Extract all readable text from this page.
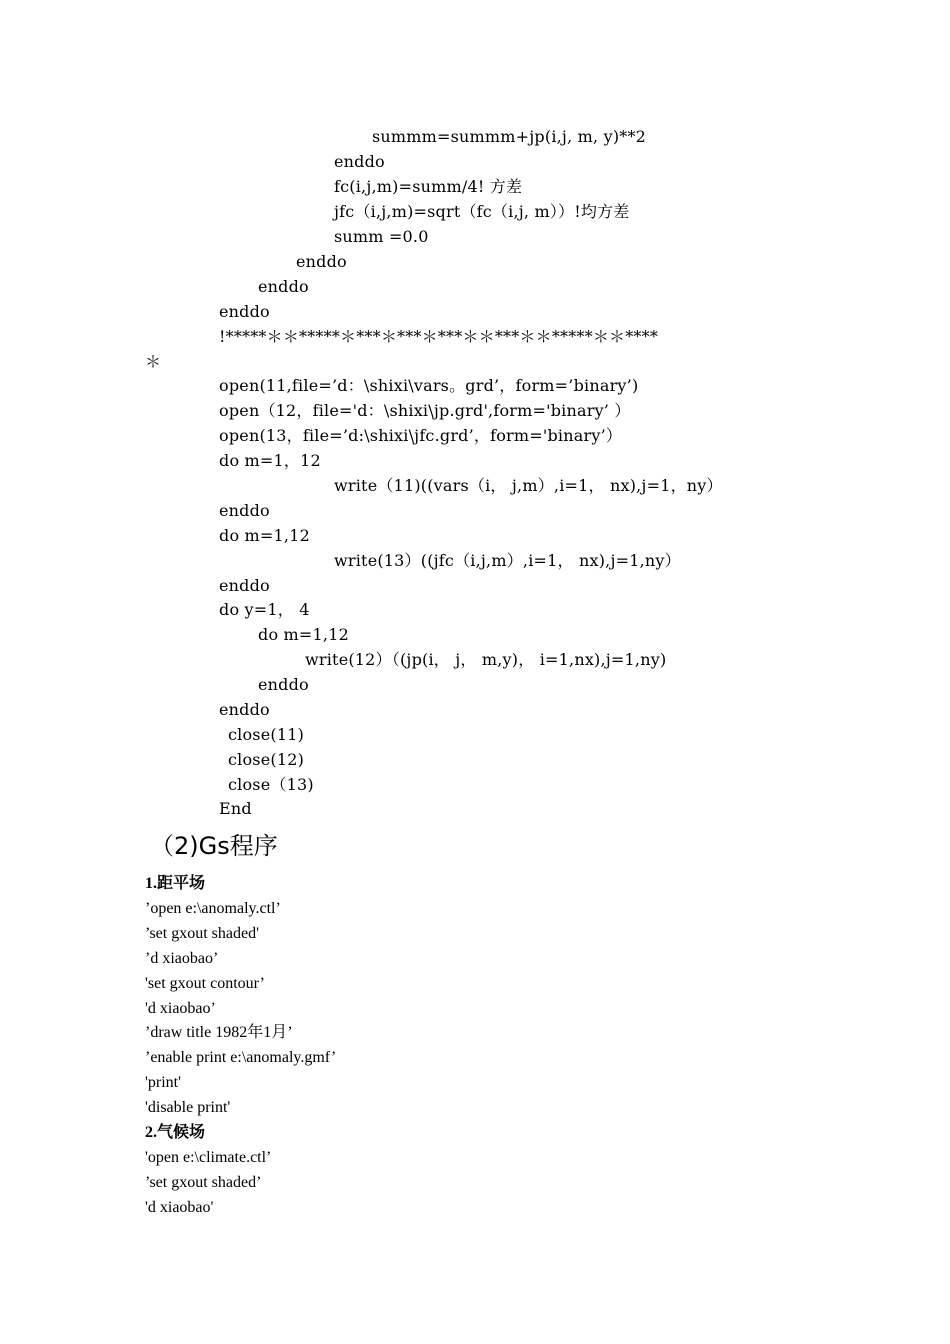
summm=summm+jp(i,j, m, y)**2
enddo
fc(i,j,m)=summ/4! 方差
jfc（i,j,m)=sqrt（fc（i,j, m））!均方差
summ =0.0
enddo
enddo
enddo
!*****＊＊*****＊***＊***＊***＊＊***＊＊*****＊＊****
＊
open(11,file=’d：\shixi\vars。grd’，form=’binary’)
open（12，file='d：\shixi\jp.grd',form='binary’ ）
open(13，file=’d:\shixi\jfc.grd’，form='binary’）
do m=1，12
write（11)((vars（i， j,m）,i=1， nx),j=1，ny）
enddo
do m=1,12
write(13）((jfc（i,j,m）,i=1， nx),j=1,ny）
enddo
do y=1， 4
do m=1,12
write(12）（(jp(i， j， m,y)， i=1,nx),j=1,ny)
enddo
enddo
close(11)
close(12)
close（13)
End
（2)Gs程序
1.距平场
’open e:\anomaly.ctl’
’set gxout shaded'
’d xiaobao’
'set gxout contour’
'd xiaobao’
’draw title 1982年1月’
’enable print e:\anomaly.gmf’
'print'
'disable print'
2.气候场
'open e:\climate.ctl’
’set gxout shaded’
'd xiaobao'
